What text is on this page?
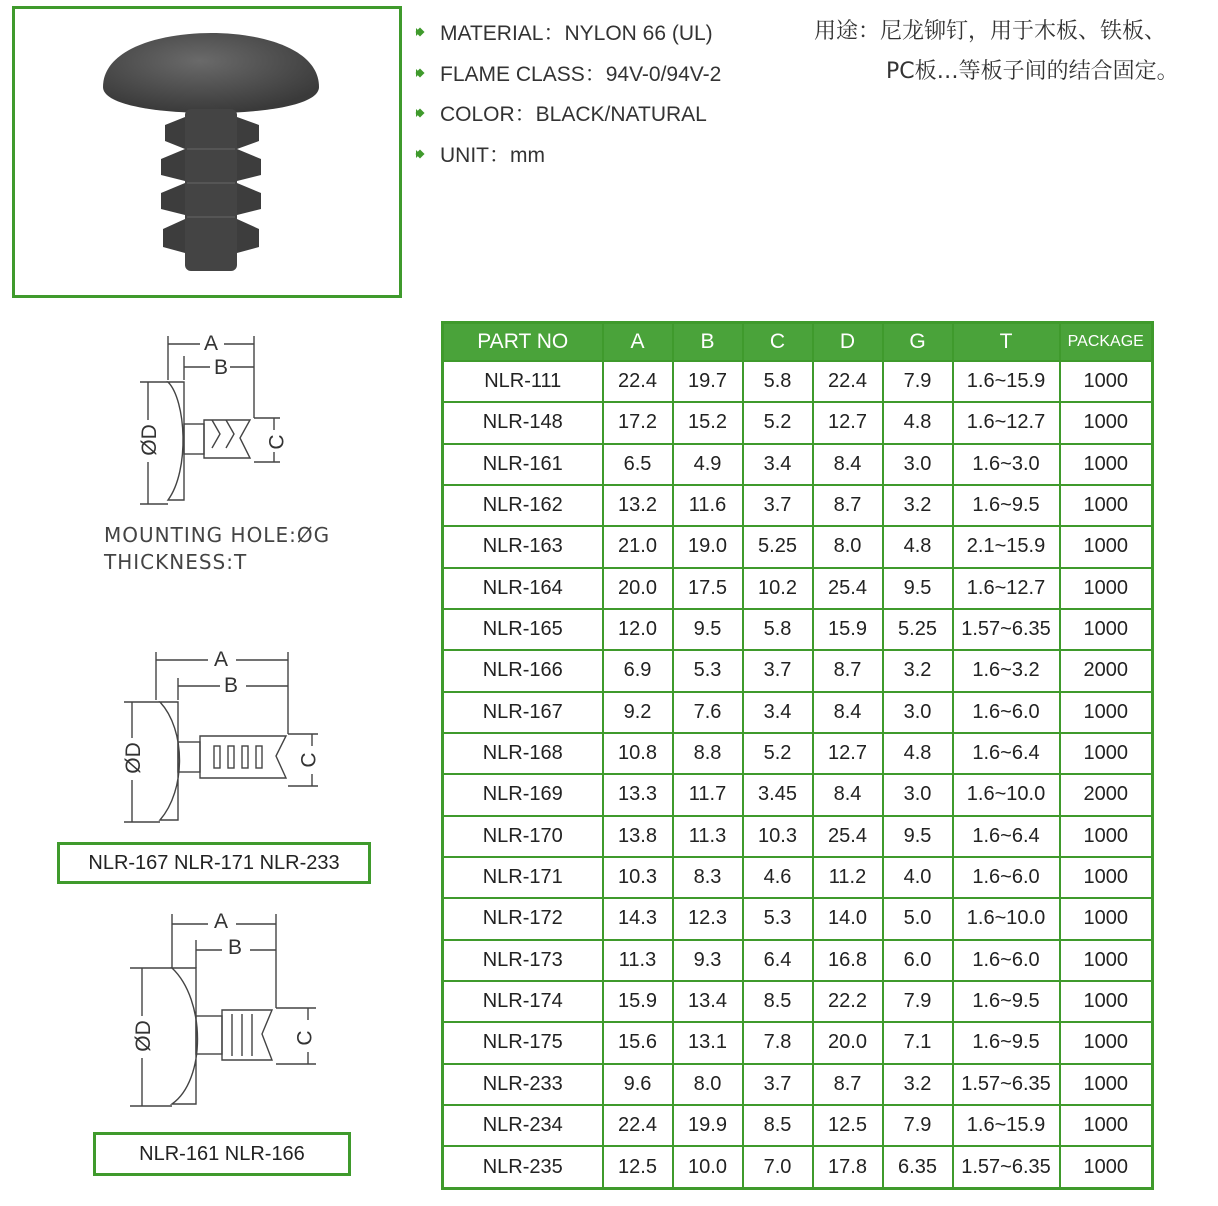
MATERIAL：NYLON 66 (UL)
FLAME CLASS：94V-0/94V-2
COLOR：BLACK/NATURAL
UNIT：mm
用途：尼龙铆钉，用于木板、铁板、
PC板…等板子间的结合固定。
A
B
ØD	C
MOUNTING HOLE:ØG
THICKNESS:T
A
B
ØD	C
NLR-167 NLR-171 NLR-233
A
B
ØD	C
NLR-161 NLR-166
PART NO	A	B	C	D	G	T	PACKAGE
NLR-111	22.4	19.7	5.8	22.4	7.9	1.6~15.9	1000
NLR-148	17.2	15.2	5.2	12.7	4.8	1.6~12.7	1000
NLR-161	6.5	4.9	3.4	8.4	3.0	1.6~3.0	1000
NLR-162	13.2	11.6	3.7	8.7	3.2	1.6~9.5	1000
NLR-163	21.0	19.0	5.25	8.0	4.8	2.1~15.9	1000
NLR-164	20.0	17.5	10.2	25.4	9.5	1.6~12.7	1000
NLR-165	12.0	9.5	5.8	15.9	5.25	1.57~6.35	1000
NLR-166	6.9	5.3	3.7	8.7	3.2	1.6~3.2	2000
NLR-167	9.2	7.6	3.4	8.4	3.0	1.6~6.0	1000
NLR-168	10.8	8.8	5.2	12.7	4.8	1.6~6.4	1000
NLR-169	13.3	11.7	3.45	8.4	3.0	1.6~10.0	2000
NLR-170	13.8	11.3	10.3	25.4	9.5	1.6~6.4	1000
NLR-171	10.3	8.3	4.6	11.2	4.0	1.6~6.0	1000
NLR-172	14.3	12.3	5.3	14.0	5.0	1.6~10.0	1000
NLR-173	11.3	9.3	6.4	16.8	6.0	1.6~6.0	1000
NLR-174	15.9	13.4	8.5	22.2	7.9	1.6~9.5	1000
NLR-175	15.6	13.1	7.8	20.0	7.1	1.6~9.5	1000
NLR-233	9.6	8.0	3.7	8.7	3.2	1.57~6.35	1000
NLR-234	22.4	19.9	8.5	12.5	7.9	1.6~15.9	1000
NLR-235	12.5	10.0	7.0	17.8	6.35	1.57~6.35	1000
